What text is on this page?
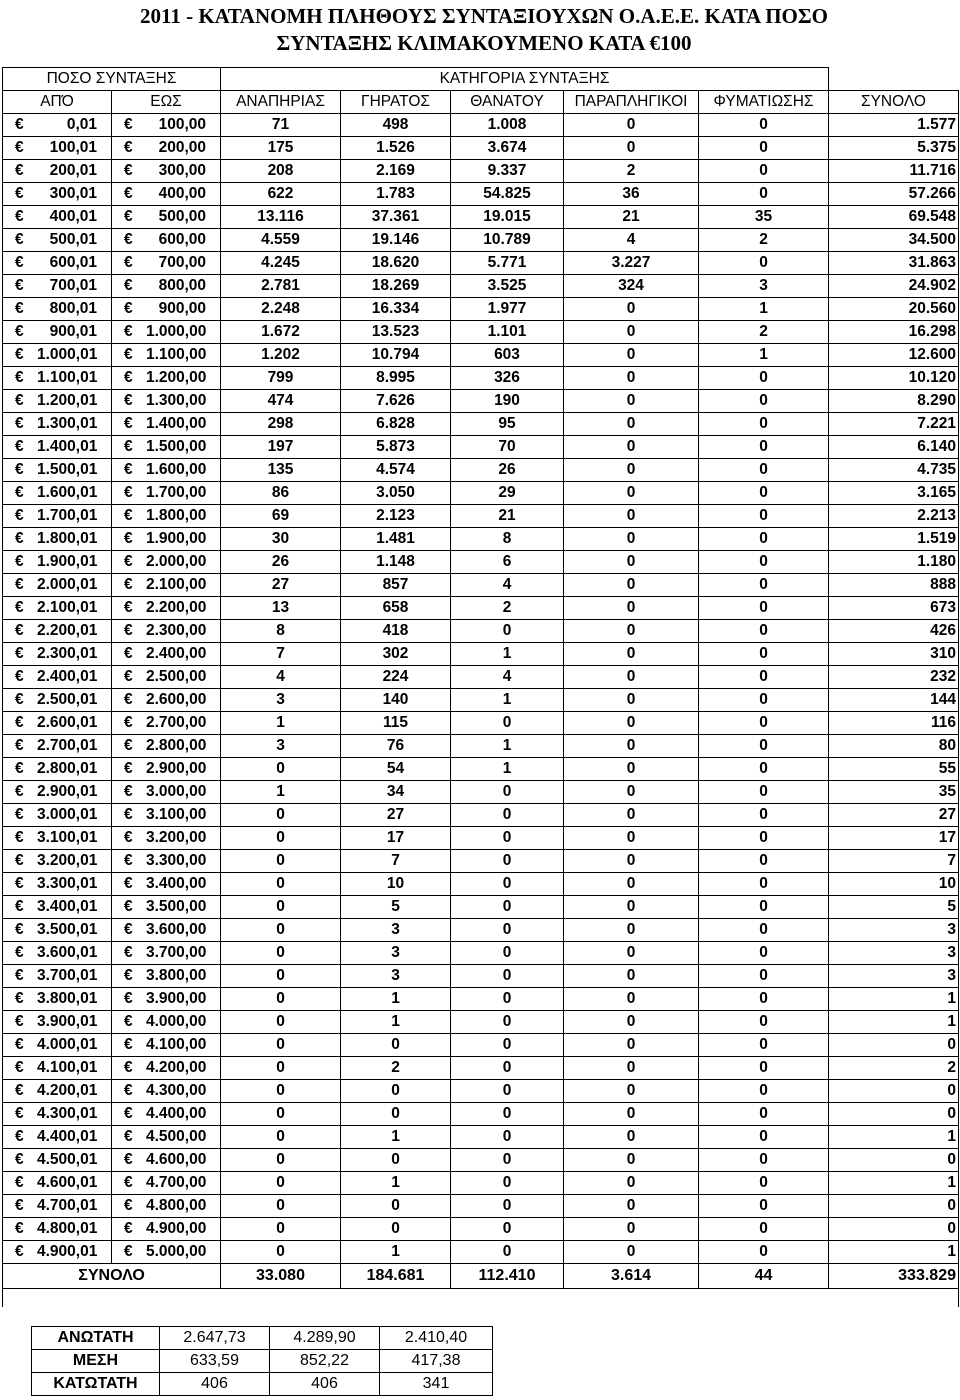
2011 - ΚΑΤΑΝΟΜΗ ΠΛΗΘΟΥΣ ΣΥΝΤΑΞΙΟΥΧΩΝ Ο.Α.Ε.Ε. ΚΑΤΑ ΠΟΣΟ
ΣΥΝΤΑΞΗΣ ΚΛΙΜΑΚΟΥΜΕΝΟ ΚΑΤΑ €100
ΠΟΣΟ ΣΥΝΤΑΞΗΣ		ΚΑΤΗΓΟΡΙΑ ΣΥΝΤΑΞΗΣ					
ΑΠΌ	ΕΩΣ	ΑΝΑΠΗΡΙΑΣ	ΓΗΡΑΤΟΣ	ΘΑΝΑΤΟΥ	ΠΑΡΑΠΛΗΓΙΚΟΙ	ΦΥΜΑΤΙΩΣΗΣ	ΣΥΝΟΛΟ
€ 0,01	€ 100,00	71	498	1.008	0	0	1.577
€ 100,01	€ 200,00	175	1.526	3.674	0	0	5.375
€ 200,01	€ 300,00	208	2.169	9.337	2	0	11.716
€ 300,01	€ 400,00	622	1.783	54.825	36	0	57.266
€ 400,01	€ 500,00	13.116	37.361	19.015	21	35	69.548
€ 500,01	€ 600,00	4.559	19.146	10.789	4	2	34.500
€ 600,01	€ 700,00	4.245	18.620	5.771	3.227	0	31.863
€ 700,01	€ 800,00	2.781	18.269	3.525	324	3	24.902
€ 800,01	€ 900,00	2.248	16.334	1.977	0	1	20.560
€ 900,01	€ 1.000,00	1.672	13.523	1.101	0	2	16.298
€ 1.000,01	€ 1.100,00	1.202	10.794	603	0	1	12.600
€ 1.100,01	€ 1.200,00	799	8.995	326	0	0	10.120
€ 1.200,01	€ 1.300,00	474	7.626	190	0	0	8.290
€ 1.300,01	€ 1.400,00	298	6.828	95	0	0	7.221
€ 1.400,01	€ 1.500,00	197	5.873	70	0	0	6.140
€ 1.500,01	€ 1.600,00	135	4.574	26	0	0	4.735
€ 1.600,01	€ 1.700,00	86	3.050	29	0	0	3.165
€ 1.700,01	€ 1.800,00	69	2.123	21	0	0	2.213
€ 1.800,01	€ 1.900,00	30	1.481	8	0	0	1.519
€ 1.900,01	€ 2.000,00	26	1.148	6	0	0	1.180
€ 2.000,01	€ 2.100,00	27	857	4	0	0	888
€ 2.100,01	€ 2.200,00	13	658	2	0	0	673
€ 2.200,01	€ 2.300,00	8	418	0	0	0	426
€ 2.300,01	€ 2.400,00	7	302	1	0	0	310
€ 2.400,01	€ 2.500,00	4	224	4	0	0	232
€ 2.500,01	€ 2.600,00	3	140	1	0	0	144
€ 2.600,01	€ 2.700,00	1	115	0	0	0	116
€ 2.700,01	€ 2.800,00	3	76	1	0	0	80
€ 2.800,01	€ 2.900,00	0	54	1	0	0	55
€ 2.900,01	€ 3.000,00	1	34	0	0	0	35
€ 3.000,01	€ 3.100,00	0	27	0	0	0	27
€ 3.100,01	€ 3.200,00	0	17	0	0	0	17
€ 3.200,01	€ 3.300,00	0	7	0	0	0	7
€ 3.300,01	€ 3.400,00	0	10	0	0	0	10
€ 3.400,01	€ 3.500,00	0	5	0	0	0	5
€ 3.500,01	€ 3.600,00	0	3	0	0	0	3
€ 3.600,01	€ 3.700,00	0	3	0	0	0	3
€ 3.700,01	€ 3.800,00	0	3	0	0	0	3
€ 3.800,01	€ 3.900,00	0	1	0	0	0	1
€ 3.900,01	€ 4.000,00	0	1	0	0	0	1
€ 4.000,01	€ 4.100,00	0	0	0	0	0	0
€ 4.100,01	€ 4.200,00	0	2	0	0	0	2
€ 4.200,01	€ 4.300,00	0	0	0	0	0	0
€ 4.300,01	€ 4.400,00	0	0	0	0	0	0
€ 4.400,01	€ 4.500,00	0	1	0	0	0	1
€ 4.500,01	€ 4.600,00	0	0	0	0	0	0
€ 4.600,01	€ 4.700,00	0	1	0	0	0	1
€ 4.700,01	€ 4.800,00	0	0	0	0	0	0
€ 4.800,01	€ 4.900,00	0	0	0	0	0	0
€ 4.900,01	€ 5.000,00	0	1	0	0	0	1
ΣΥΝΟΛΟ		33.080	184.681	112.410	3.614	44	333.829

ΑΝΩΤΑΤΗ	2.647,73	4.289,90	2.410,40
ΜΕΣΗ	633,59	852,22	417,38
ΚΑΤΩΤΑΤΗ	406	406	341
